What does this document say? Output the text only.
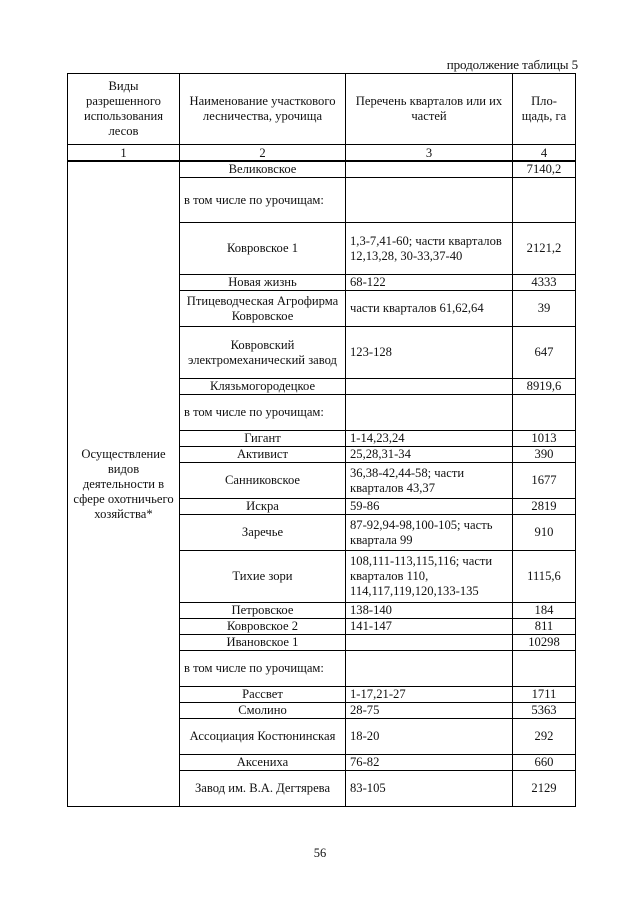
продолжение таблицы 5
Виды разрешенного использования лесов	Наименование участкового лесничества, урочища	Перечень кварталов или их частей	Пло-щадь, га
1	2	3	4
Осуществление видов деятельности в сфере охотничьего хозяйства*	Великовское		7140,2
	в том числе по урочищам:		
	Ковровское 1	1,3-7,41-60; части кварталов 12,13,28, 30-33,37-40	2121,2
	Новая жизнь	68-122	4333
	Птицеводческая Агрофирма Ковровское	части кварталов 61,62,64	39
	Ковровский электромеханический завод	123-128	647
	Клязьмогородецкое		8919,6
	в том числе по урочищам:		
	Гигант	1-14,23,24	1013
	Активист	25,28,31-34	390
	Санниковское	36,38-42,44-58; части кварталов 43,37	1677
	Искра	59-86	2819
	Заречье	87-92,94-98,100-105; часть квартала 99	910
	Тихие зори	108,111-113,115,116; части кварталов 110, 114,117,119,120,133-135	1115,6
	Петровское	138-140	184
	Ковровское 2	141-147	811
	Ивановское 1		10298
	в том числе по урочищам:		
	Рассвет	1-17,21-27	1711
	Смолино	28-75	5363
	Ассоциация Костюнинская	18-20	292
	Аксениха	76-82	660
	Завод им. В.А. Дегтярева	83-105	2129
56
